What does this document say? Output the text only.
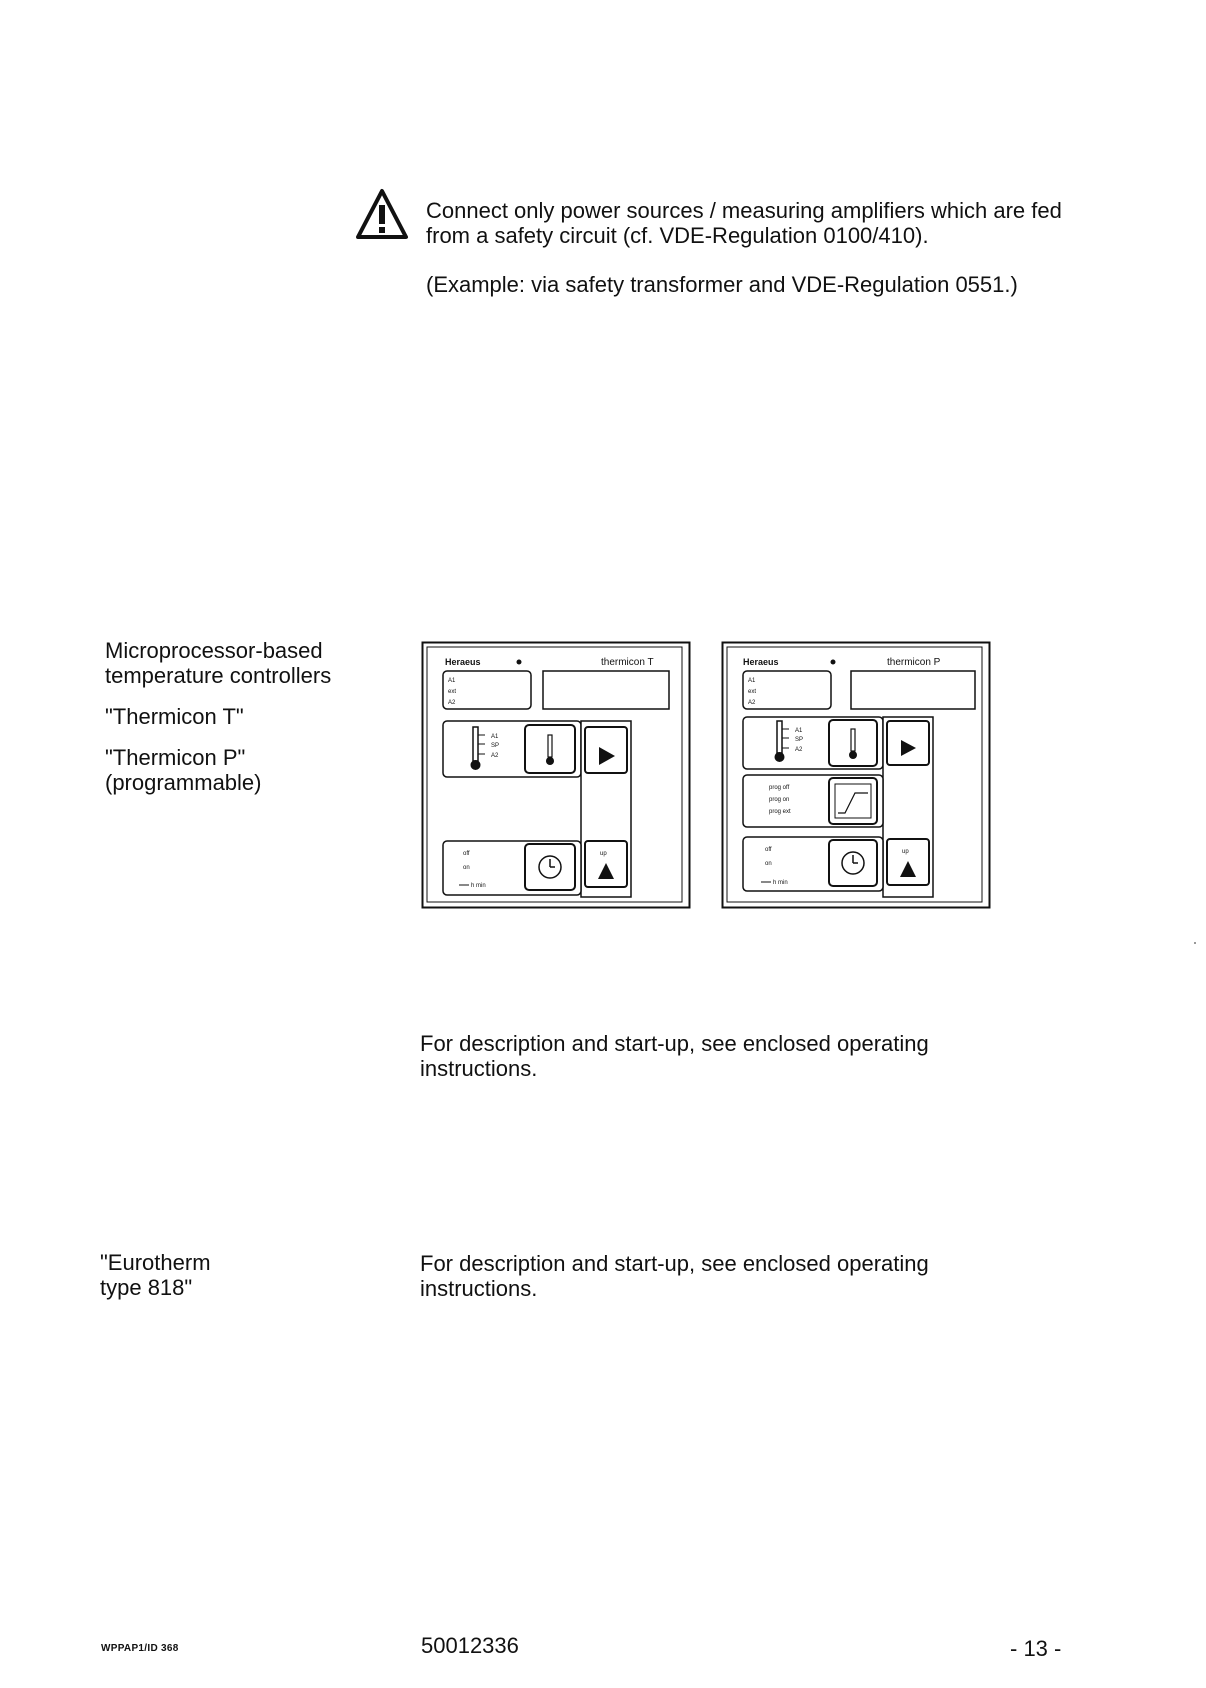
Connect only power sources / measuring amplifiers which are fed from a safety circuit (cf. VDE-Regulation 0100/410).

(Example: via safety transformer and VDE-Regulation 0551.)

Microprocessor-based temperature controllers

"Thermicon T"

"Thermicon P"
(programmable)

Heraeus	thermicon T
A1
ext
A2
A1
SP
A2
up
off
on
h min
Heraeus	thermicon P
A1
ext
A2
A1
SP
A2
up
prog off
prog on
prog ext
off
on
h min

For description and start-up, see enclosed operating instructions.

"Eurotherm
type 818"

For description and start-up, see enclosed operating instructions.

WPPAP1/ID 368	50012336	- 13 -
